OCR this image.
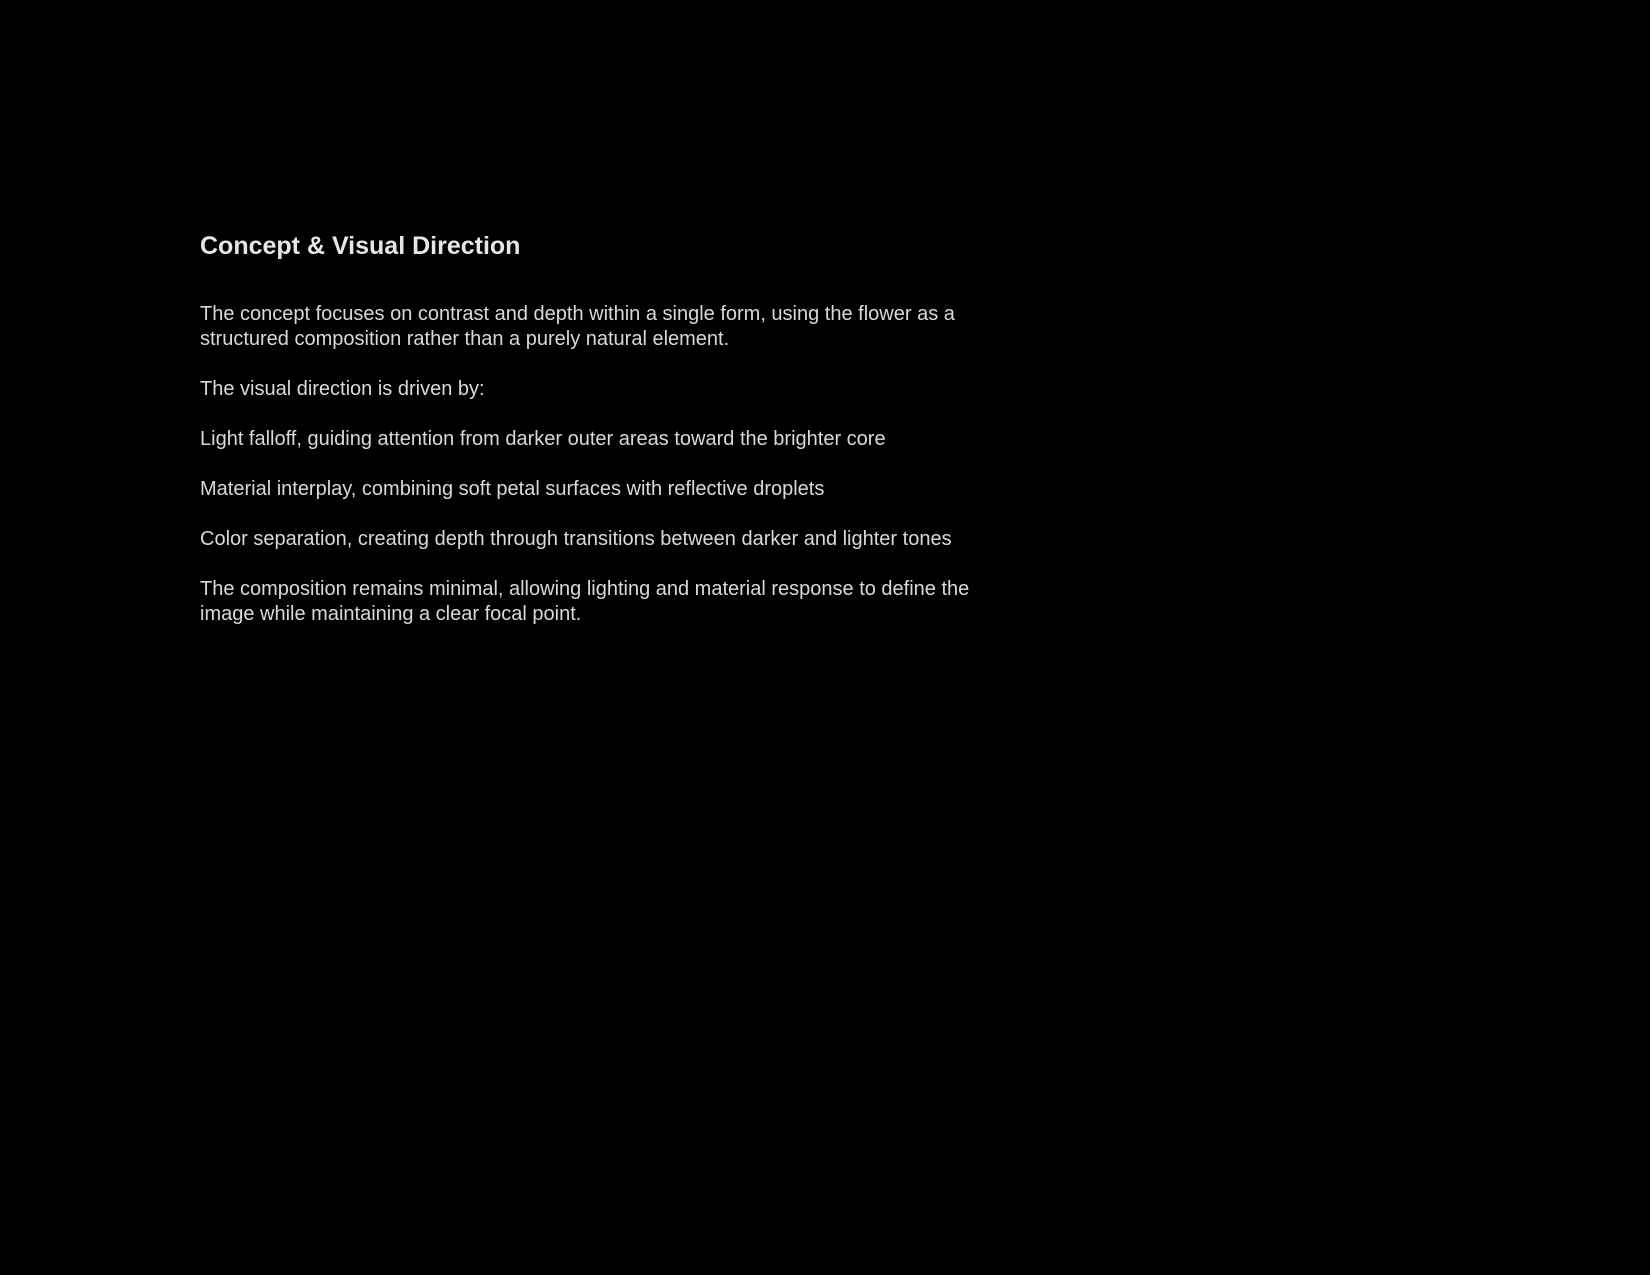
Concept & Visual Direction

The concept focuses on contrast and depth within a single form, using the flower as a structured composition rather than a purely natural element.

The visual direction is driven by:

Light falloff, guiding attention from darker outer areas toward the brighter core
Material interplay, combining soft petal surfaces with reflective droplets
Color separation, creating depth through transitions between darker and lighter tones

The composition remains minimal, allowing lighting and material response to define the image while maintaining a clear focal point.
